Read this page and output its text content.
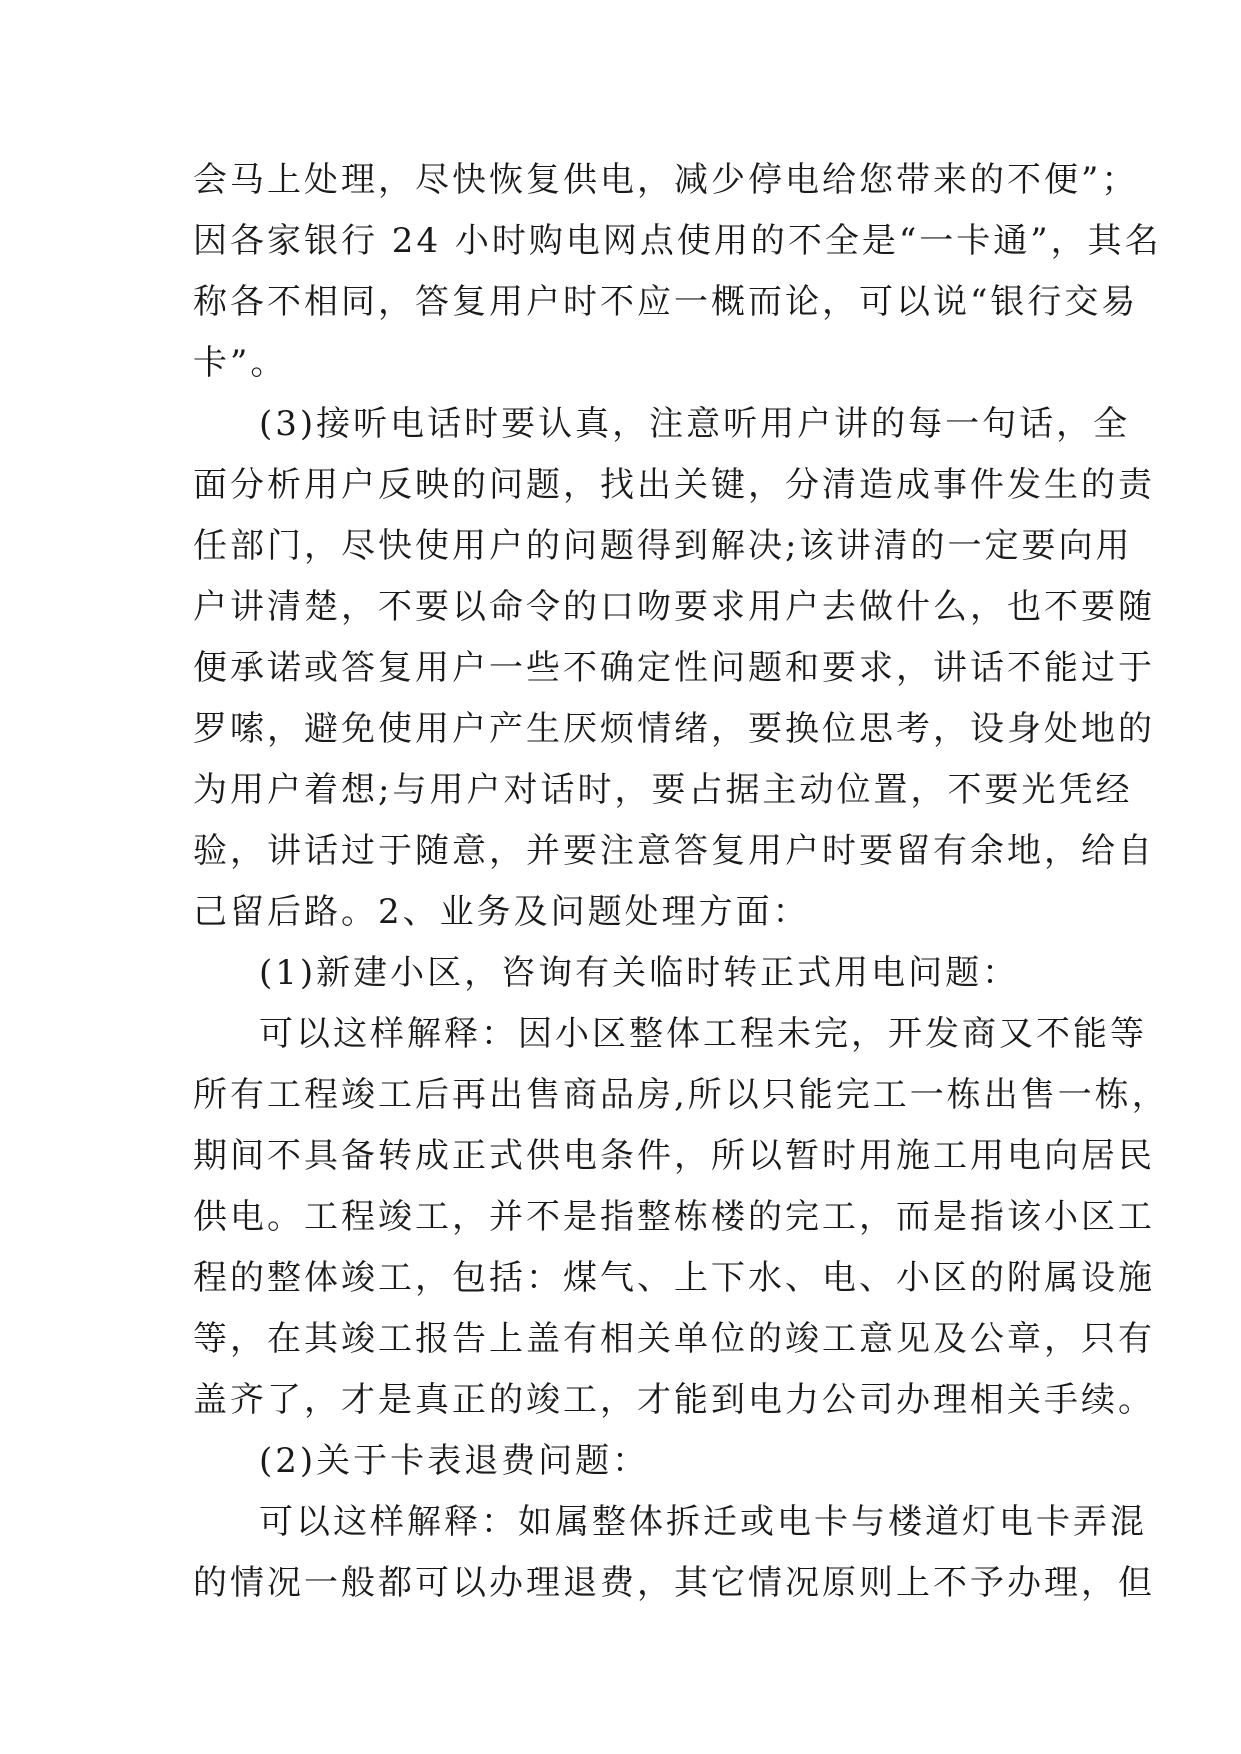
会马上处理，尽快恢复供电，减少停电给您带来的不便”；
因各家银行 24 小时购电网点使用的不全是“一卡通”，其名
称各不相同，答复用户时不应一概而论，可以说“银行交易
卡”。
(3)接听电话时要认真，注意听用户讲的每一句话，全
面分析用户反映的问题，找出关键，分清造成事件发生的责
任部门，尽快使用户的问题得到解决;该讲清的一定要向用
户讲清楚，不要以命令的口吻要求用户去做什么，也不要随
便承诺或答复用户一些不确定性问题和要求，讲话不能过于
罗嗦，避免使用户产生厌烦情绪，要换位思考，设身处地的
为用户着想;与用户对话时，要占据主动位置，不要光凭经
验，讲话过于随意，并要注意答复用户时要留有余地，给自
己留后路。2、业务及问题处理方面：
(1)新建小区，咨询有关临时转正式用电问题：
可以这样解释：因小区整体工程未完，开发商又不能等
所有工程竣工后再出售商品房,所以只能完工一栋出售一栋，
期间不具备转成正式供电条件，所以暂时用施工用电向居民
供电。工程竣工，并不是指整栋楼的完工，而是指该小区工
程的整体竣工，包括：煤气、上下水、电、小区的附属设施
等，在其竣工报告上盖有相关单位的竣工意见及公章，只有
盖齐了，才是真正的竣工，才能到电力公司办理相关手续。
(2)关于卡表退费问题：
可以这样解释：如属整体拆迁或电卡与楼道灯电卡弄混
的情况一般都可以办理退费，其它情况原则上不予办理，但
